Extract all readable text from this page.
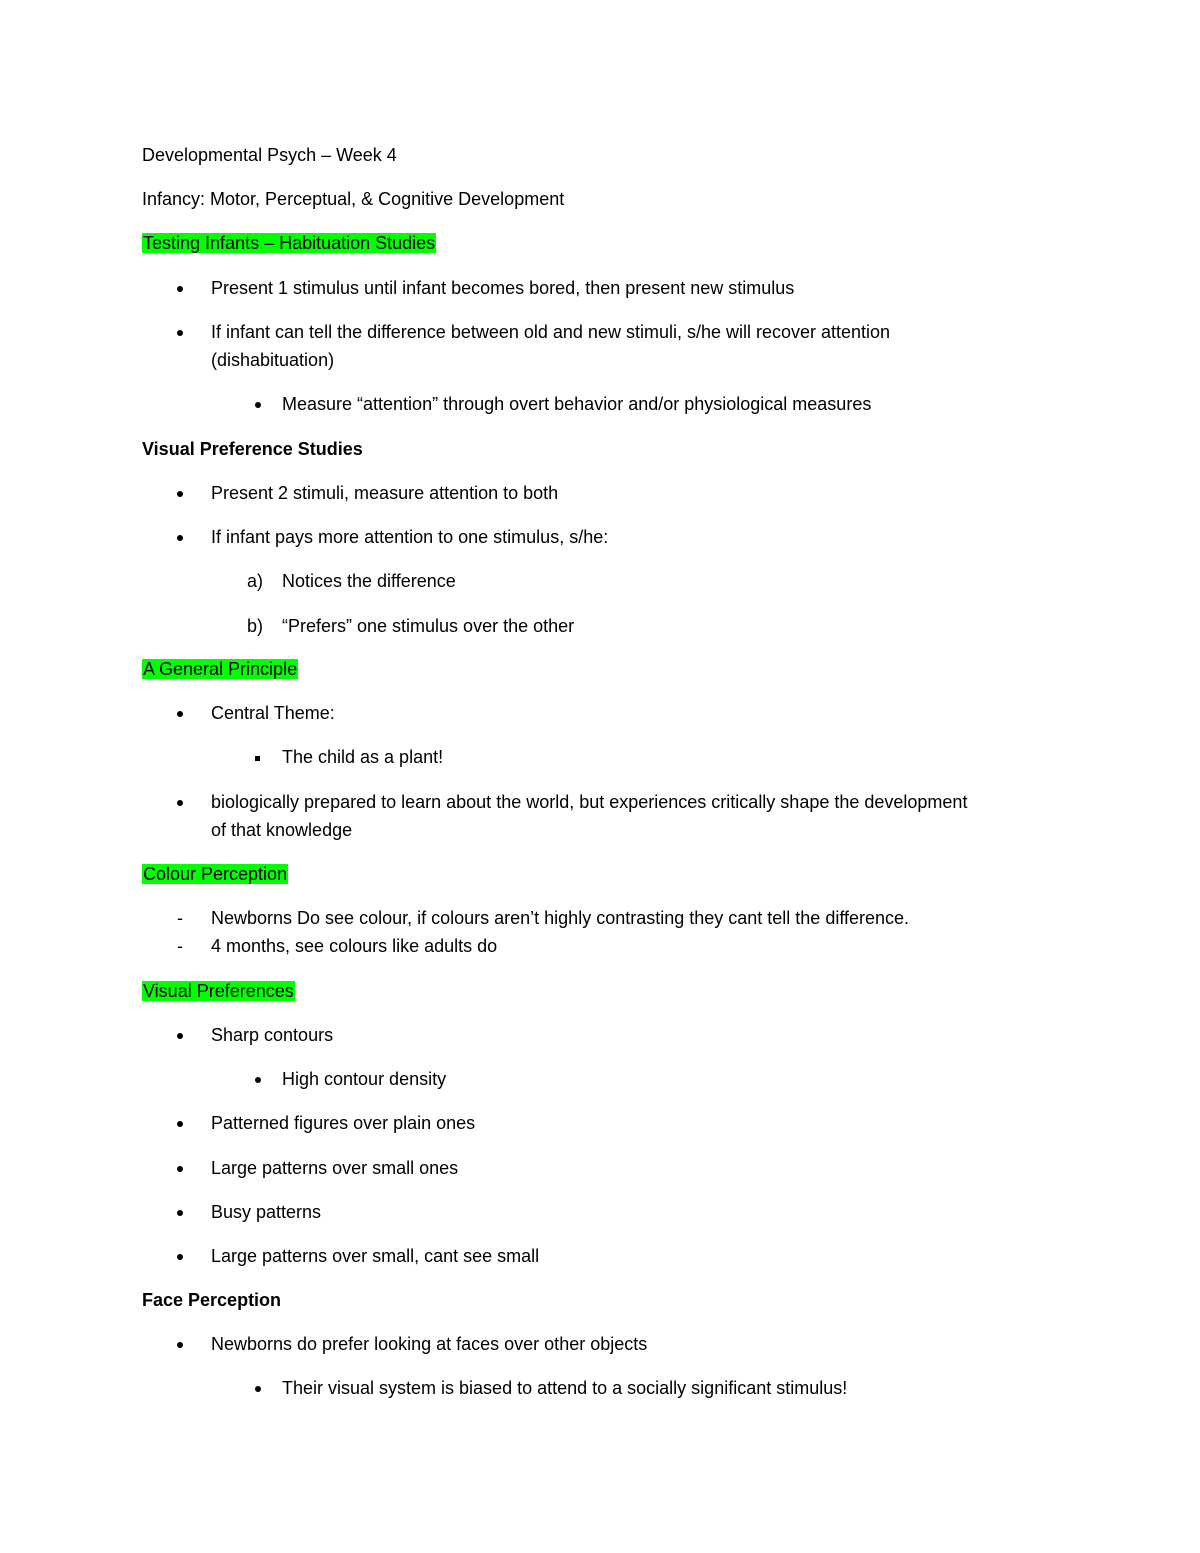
Developmental Psych – Week 4
Infancy: Motor, Perceptual, & Cognitive Development
Testing Infants – Habituation Studies
Present 1 stimulus until infant becomes bored, then present new stimulus
If infant can tell the difference between old and new stimuli, s/he will recover attention
(dishabituation)
Measure “attention” through overt behavior and/or physiological measures
Visual Preference Studies
Present 2 stimuli, measure attention to both
If infant pays more attention to one stimulus, s/he:
a) Notices the difference
b) “Prefers” one stimulus over the other
A General Principle
Central Theme:
The child as a plant!
biologically prepared to learn about the world, but experiences critically shape the development
of that knowledge
Colour Perception
- Newborns Do see colour, if colours aren’t highly contrasting they cant tell the difference.
- 4 months, see colours like adults do
Visual Preferences
Sharp contours
High contour density
Patterned figures over plain ones
Large patterns over small ones
Busy patterns
Large patterns over small, cant see small
Face Perception
Newborns do prefer looking at faces over other objects
Their visual system is biased to attend to a socially significant stimulus!
